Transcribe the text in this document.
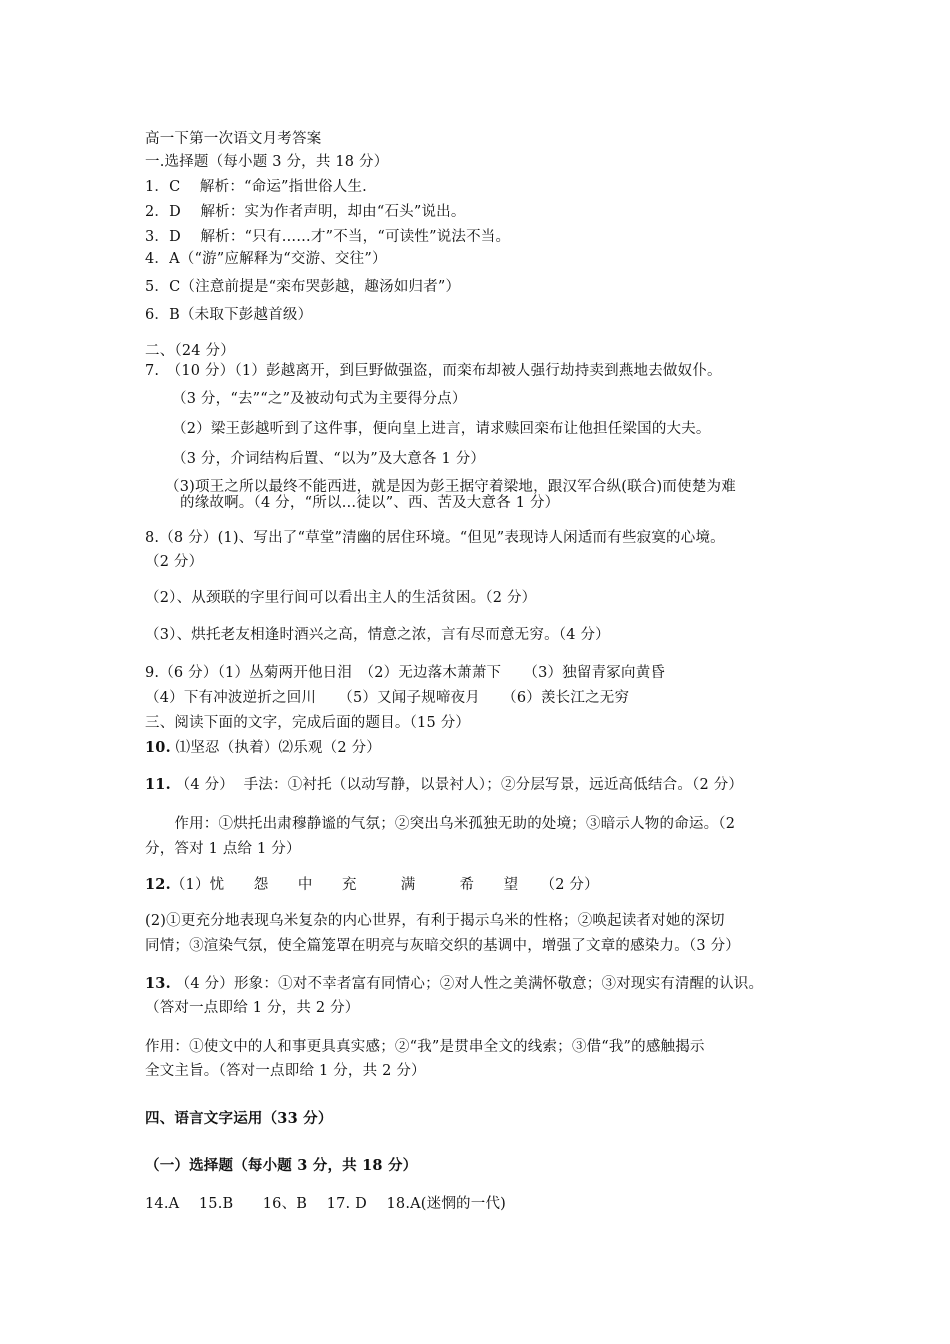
高一下第一次语文月考答案
一.选择题（每小题 3 分，共 18 分）
1．C　 解析：“命运”指世俗人生.
2．D　 解析：实为作者声明，却由“石头”说出。
3．D　 解析：“只有……才”不当，“可读性”说法不当。
4．A（“游”应解释为“交游、交往”）
5．C（注意前提是“栾布哭彭越，趣汤如归者”）
6．B（未取下彭越首级）
二、（24 分）
7.　（10 分）（1）彭越离开，到巨野做强盗，而栾布却被人强行劫持卖到燕地去做奴仆。
（3 分，“去”“之”及被动句式为主要得分点）
（2）梁王彭越听到了这件事，便向皇上进言，请求赎回栾布让他担任梁国的大夫。
（3 分，介词结构后置、“以为”及大意各 1 分）
（3)项王之所以最终不能西进，就是因为彭王据守着梁地，跟汉军合纵(联合)而使楚为难
的缘故啊。（4 分，“所以…徒以”、西、苦及大意各 1 分）
8.（8 分）(1)、写出了“草堂”清幽的居住环境。“但见”表现诗人闲适而有些寂寞的心境。
（2 分）
（2）、从颈联的字里行间可以看出主人的生活贫困。（2 分）
（3）、烘托老友相逢时酒兴之高，情意之浓，言有尽而意无穷。（4 分）
9.（6 分）（1）丛菊两开他日泪　（2）无边落木萧萧下　　（3）独留青冢向黄昏
（4）下有冲波逆折之回川　　（5）又闻子规啼夜月　　（6）羡长江之无穷
三、阅读下面的文字，完成后面的题目。（15 分）
10. ⑴坚忍（执着）⑵乐观（2 分）
11. （4 分）  手法：①衬托（以动写静，以景衬人）；②分层写景，远近高低结合。（2 分）
　　作用：①烘托出肃穆静谧的气氛；②突出乌米孤独无助的处境；③暗示人物的命运。（2
分，答对 1 点给 1 分）
12.（1）忧　　怨　　中　　充　　　满　　　希　　望　　（2 分）
(2)①更充分地表现乌米复杂的内心世界，有利于揭示乌米的性格；②唤起读者对她的深切
同情；③渲染气氛，使全篇笼罩在明亮与灰暗交织的基调中，增强了文章的感染力。（3 分）
13. （4 分）形象：①对不幸者富有同情心；②对人性之美满怀敬意；③对现实有清醒的认识。
（答对一点即给 1 分，共 2 分）
作用：①使文中的人和事更具真实感；②“我”是贯串全文的线索；③借“我”的感触揭示
全文主旨。（答对一点即给 1 分，共 2 分）
四、语言文字运用（33 分）
（一）选择题（每小题 3 分，共 18 分）
14.A　 15.B　　16、B　 17. D　 18.A(迷惘的一代)
